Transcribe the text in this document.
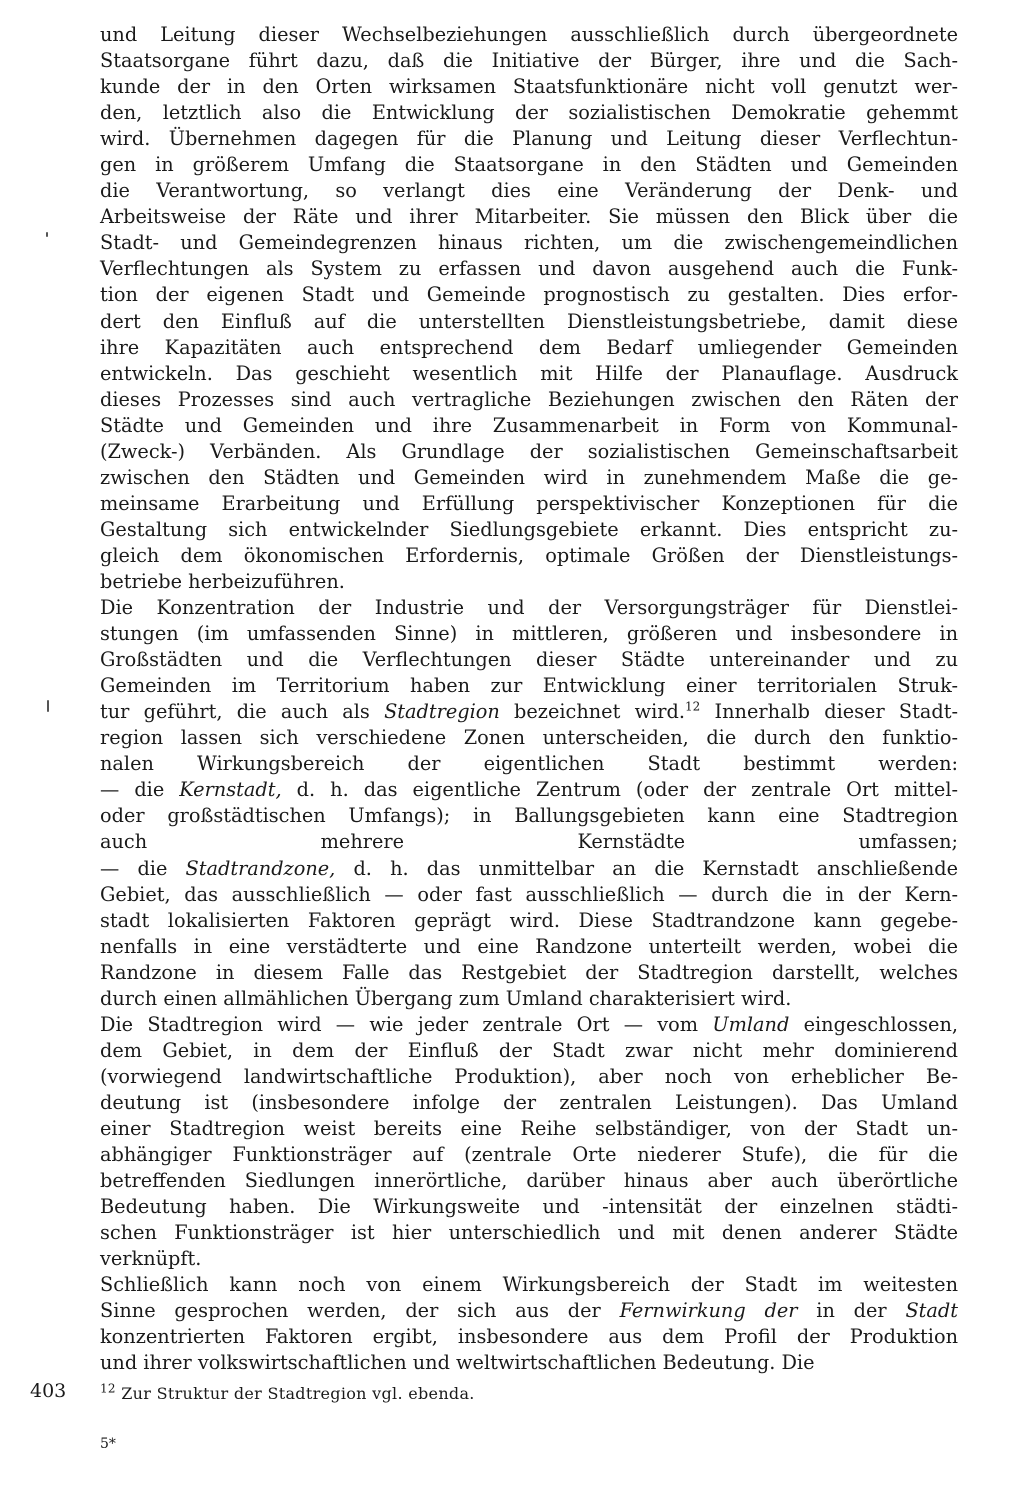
und Leitung dieser Wechselbeziehungen ausschließlich durch übergeordnete
Staatsorgane führt dazu, daß die Initiative der Bürger, ihre und die Sach-
kunde der in den Orten wirksamen Staatsfunktionäre nicht voll genutzt wer-
den, letztlich also die Entwicklung der sozialistischen Demokratie gehemmt
wird. Übernehmen dagegen für die Planung und Leitung dieser Verflechtun-
gen in größerem Umfang die Staatsorgane in den Städten und Gemeinden
die Verantwortung, so verlangt dies eine Veränderung der Denk- und
Arbeitsweise der Räte und ihrer Mitarbeiter. Sie müssen den Blick über die
Stadt- und Gemeindegrenzen hinaus richten, um die zwischengemeindlichen
Verflechtungen als System zu erfassen und davon ausgehend auch die Funk-
tion der eigenen Stadt und Gemeinde prognostisch zu gestalten. Dies erfor-
dert den Einfluß auf die unterstellten Dienstleistungsbetriebe, damit diese
ihre Kapazitäten auch entsprechend dem Bedarf umliegender Gemeinden
entwickeln. Das geschieht wesentlich mit Hilfe der Planauflage. Ausdruck
dieses Prozesses sind auch vertragliche Beziehungen zwischen den Räten der
Städte und Gemeinden und ihre Zusammenarbeit in Form von Kommunal-
(Zweck-) Verbänden. Als Grundlage der sozialistischen Gemeinschaftsarbeit
zwischen den Städten und Gemeinden wird in zunehmendem Maße die ge-
meinsame Erarbeitung und Erfüllung perspektivischer Konzeptionen für die
Gestaltung sich entwickelnder Siedlungsgebiete erkannt. Dies entspricht zu-
gleich dem ökonomischen Erfordernis, optimale Größen der Dienstleistungs-
betriebe herbeizuführen.
Die Konzentration der Industrie und der Versorgungsträger für Dienstlei-
stungen (im umfassenden Sinne) in mittleren, größeren und insbesondere in
Großstädten und die Verflechtungen dieser Städte untereinander und zu
Gemeinden im Territorium haben zur Entwicklung einer territorialen Struk-
tur geführt, die auch als Stadtregion bezeichnet wird.$^{12}$ Innerhalb dieser Stadt-
region lassen sich verschiedene Zonen unterscheiden, die durch den funktio-
nalen Wirkungsbereich der eigentlichen Stadt bestimmt werden:
— die Kernstadt, d. h. das eigentliche Zentrum (oder der zentrale Ort mittel-
oder großstädtischen Umfangs); in Ballungsgebieten kann eine Stadtregion
auch mehrere Kernstädte umfassen;
— die Stadtrandzone, d. h. das unmittelbar an die Kernstadt anschließende
Gebiet, das ausschließlich — oder fast ausschließlich — durch die in der Kern-
stadt lokalisierten Faktoren geprägt wird. Diese Stadtrandzone kann gegebe-
nenfalls in eine verstädterte und eine Randzone unterteilt werden, wobei die
Randzone in diesem Falle das Restgebiet der Stadtregion darstellt, welches
durch einen allmählichen Übergang zum Umland charakterisiert wird.
Die Stadtregion wird — wie jeder zentrale Ort — vom Umland eingeschlossen,
dem Gebiet, in dem der Einfluß der Stadt zwar nicht mehr dominierend
(vorwiegend landwirtschaftliche Produktion), aber noch von erheblicher Be-
deutung ist (insbesondere infolge der zentralen Leistungen). Das Umland
einer Stadtregion weist bereits eine Reihe selbständiger, von der Stadt un-
abhängiger Funktionsträger auf (zentrale Orte niederer Stufe), die für die
betreffenden Siedlungen innerörtliche, darüber hinaus aber auch überörtliche
Bedeutung haben. Die Wirkungsweite und -intensität der einzelnen städti-
schen Funktionsträger ist hier unterschiedlich und mit denen anderer Städte
verknüpft.
Schließlich kann noch von einem Wirkungsbereich der Stadt im weitesten
Sinne gesprochen werden, der sich aus der Fernwirkung der in der Stadt
konzentrierten Faktoren ergibt, insbesondere aus dem Profil der Produktion
und ihrer volkswirtschaftlichen und weltwirtschaftlichen Bedeutung. Die
403	$^{12}$ Zur Struktur der Stadtregion vgl. ebenda.
5*
